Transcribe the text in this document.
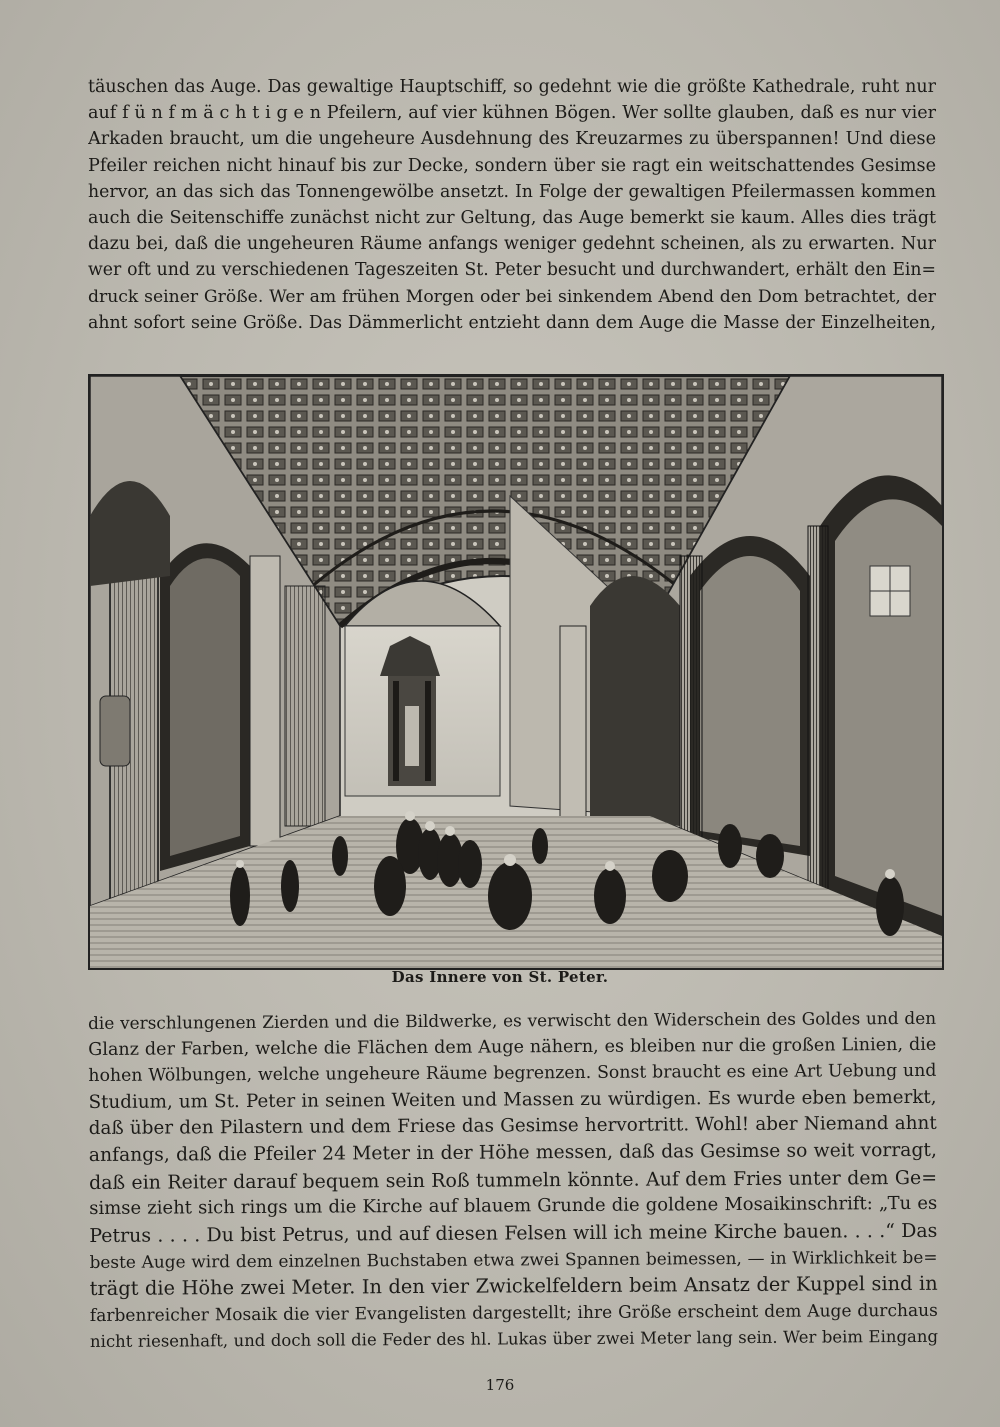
täuschen das Auge. Das gewaltige Hauptschiff, so gedehnt wie die größte Kathedrale, ruht nur
auf f ü n f m ä c h t i g e n Pfeilern, auf vier kühnen Bögen. Wer sollte glauben, daß es nur vier
Arkaden braucht, um die ungeheure Ausdehnung des Kreuzarmes zu überspannen! Und diese
Pfeiler reichen nicht hinauf bis zur Decke, sondern über sie ragt ein weitschattendes Gesimse
hervor, an das sich das Tonnengewölbe ansetzt. In Folge der gewaltigen Pfeilermassen kommen
auch die Seitenschiffe zunächst nicht zur Geltung, das Auge bemerkt sie kaum. Alles dies trägt
dazu bei, daß die ungeheuren Räume anfangs weniger gedehnt scheinen, als zu erwarten. Nur
wer oft und zu verschiedenen Tageszeiten St. Peter besucht und durchwandert, erhält den Ein=
druck seiner Größe. Wer am frühen Morgen oder bei sinkendem Abend den Dom betrachtet, der
ahnt sofort seine Größe. Das Dämmerlicht entzieht dann dem Auge die Masse der Einzelheiten,
Das Innere von St. Peter.
die verschlungenen Zierden und die Bildwerke, es verwischt den Widerschein des Goldes und den
Glanz der Farben, welche die Flächen dem Auge nähern, es bleiben nur die großen Linien, die
hohen Wölbungen, welche ungeheure Räume begrenzen. Sonst braucht es eine Art Uebung und
Studium, um St. Peter in seinen Weiten und Massen zu würdigen. Es wurde eben bemerkt,
daß über den Pilastern und dem Friese das Gesimse hervortritt. Wohl! aber Niemand ahnt
anfangs, daß die Pfeiler 24 Meter in der Höhe messen, daß das Gesimse so weit vorragt,
daß ein Reiter darauf bequem sein Roß tummeln könnte. Auf dem Fries unter dem Ge=
simse zieht sich rings um die Kirche auf blauem Grunde die goldene Mosaikinschrift: „Tu es
Petrus . . . . Du bist Petrus, und auf diesen Felsen will ich meine Kirche bauen. . . .“ Das
beste Auge wird dem einzelnen Buchstaben etwa zwei Spannen beimessen, — in Wirklichkeit be=
trägt die Höhe zwei Meter. In den vier Zwickelfeldern beim Ansatz der Kuppel sind in
farbenreicher Mosaik die vier Evangelisten dargestellt; ihre Größe erscheint dem Auge durchaus
nicht riesenhaft, und doch soll die Feder des hl. Lukas über zwei Meter lang sein. Wer beim Eingang
176
